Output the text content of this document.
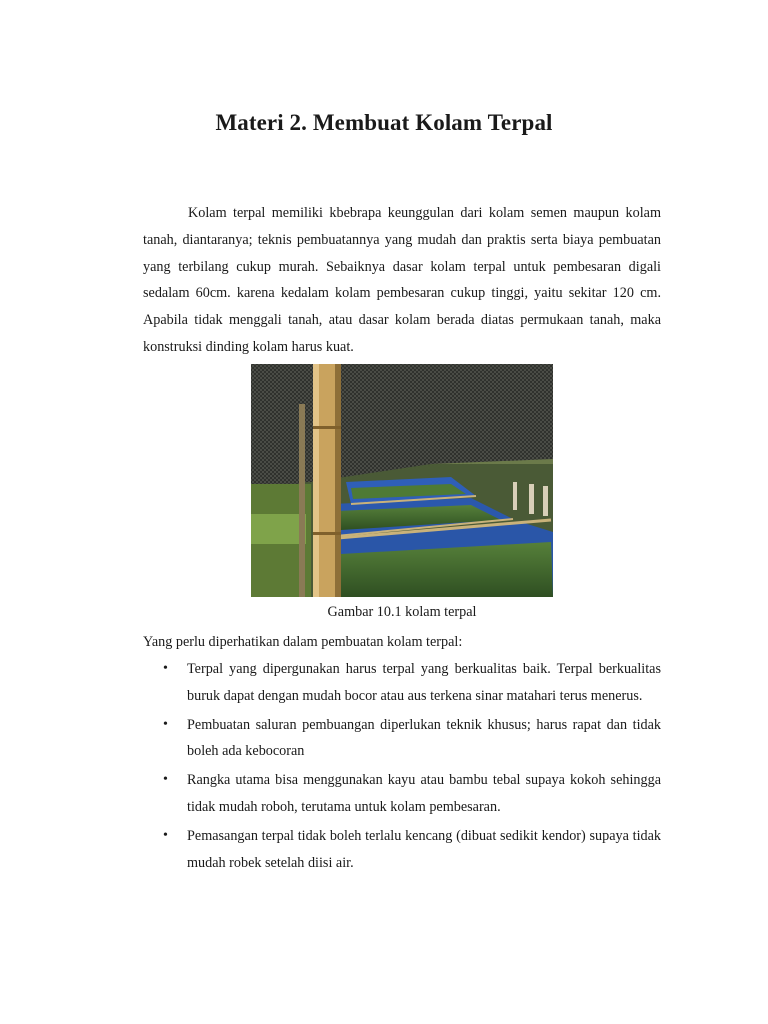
Materi 2. Membuat Kolam Terpal

Kolam terpal memiliki kbebrapa keunggulan dari kolam semen maupun kolam tanah, diantaranya; teknis pembuatannya yang mudah dan praktis serta biaya pembuatan yang terbilang cukup murah. Sebaiknya dasar kolam terpal untuk pembesaran digali sedalam 60cm. karena kedalam kolam pembesaran cukup tinggi, yaitu sekitar 120 cm. Apabila tidak menggali tanah, atau dasar kolam berada diatas permukaan tanah, maka konstruksi dinding kolam harus kuat.

Gambar 10.1 kolam terpal

Yang perlu diperhatikan dalam pembuatan kolam terpal:

• Terpal yang dipergunakan harus terpal yang berkualitas baik. Terpal berkualitas buruk dapat dengan mudah bocor atau aus terkena sinar matahari terus menerus.
• Pembuatan saluran pembuangan diperlukan teknik khusus; harus rapat dan tidak boleh ada kebocoran
• Rangka utama bisa menggunakan kayu atau bambu tebal supaya kokoh sehingga tidak mudah roboh, terutama untuk kolam pembesaran.
• Pemasangan terpal tidak boleh terlalu kencang (dibuat sedikit kendor) supaya tidak mudah robek setelah diisi air.
